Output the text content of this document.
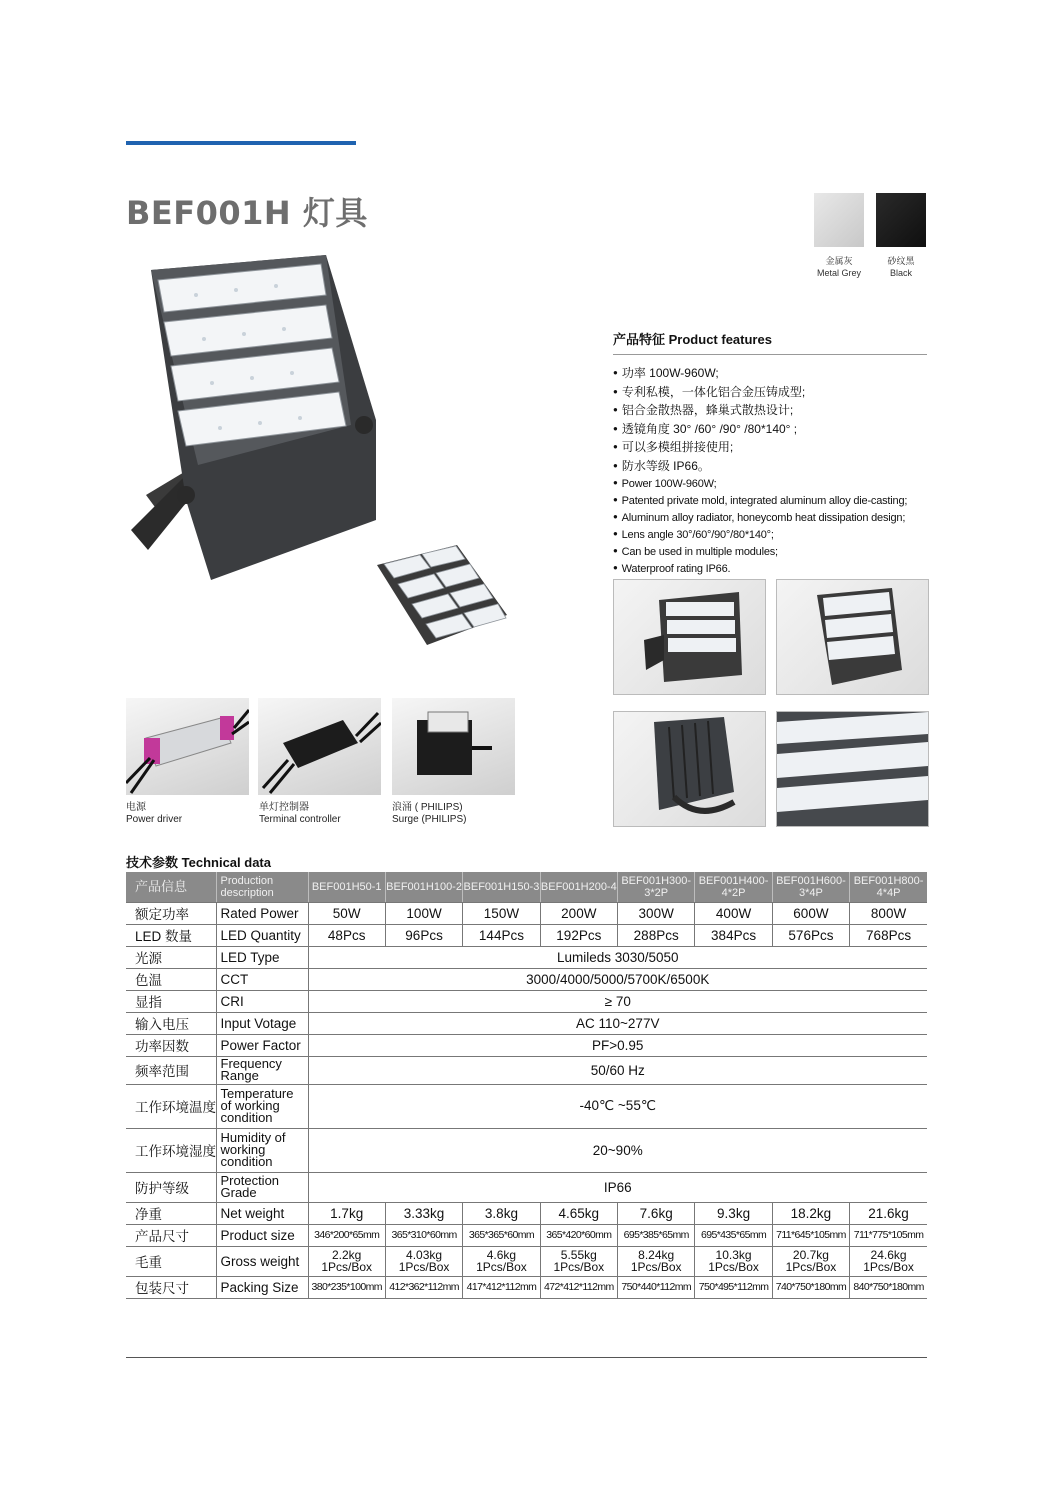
BEF001H 灯具
金属灰
Metal Grey
砂纹黑
Black
产品特征 Product features
● 功率 100W-960W;
● 专利私模，一体化铝合金压铸成型;
● 铝合金散热器，蜂巢式散热设计;
● 透镜角度 30° /60° /90° /80*140° ;
● 可以多模组拼接使用;
● 防水等级 IP66。
● Power 100W-960W;
● Patented private mold, integrated aluminum alloy die-casting;
● Aluminum alloy radiator, honeycomb heat dissipation design;
● Lens angle 30°/60°/90°/80*140°;
● Can be used in multiple modules;
● Waterproof rating IP66.
电源
Power driver
单灯控制器
Terminal controller
浪涌 ( PHILIPS)
Surge (PHILIPS)
技术参数 Technical data
产品信息	Production description	BEF001H50-1	BEF001H100-2	BEF001H150-3	BEF001H200-4	BEF001H300-3*2P	BEF001H400-4*2P	BEF001H600-3*4P	BEF001H800-4*4P
额定功率	Rated Power	50W	100W	150W	200W	300W	400W	600W	800W
LED 数量	LED Quantity	48Pcs	96Pcs	144Pcs	192Pcs	288Pcs	384Pcs	576Pcs	768Pcs
光源	LED Type	Lumileds 3030/5050							
色温	CCT	3000/4000/5000/5700K/6500K							
显指	CRI	≥ 70							
输入电压	Input Votage	AC 110~277V							
功率因数	Power Factor	PF>0.95							
频率范围	Frequency Range	50/60 Hz							
工作环境温度	Temperature of working condition	-40℃ ~55℃							
工作环境湿度	Humidity of working condition	20~90%							
防护等级	Protection Grade	IP66							
净重	Net weight	1.7kg	3.33kg	3.8kg	4.65kg	7.6kg	9.3kg	18.2kg	21.6kg
产品尺寸	Product size	346*200*65mm	365*310*60mm	365*365*60mm	365*420*60mm	695*385*65mm	695*435*65mm	711*645*105mm	711*775*105mm
毛重	Gross weight	2.2kg 1Pcs/Box	4.03kg 1Pcs/Box	4.6kg 1Pcs/Box	5.55kg 1Pcs/Box	8.24kg 1Pcs/Box	10.3kg 1Pcs/Box	20.7kg 1Pcs/Box	24.6kg 1Pcs/Box
包装尺寸	Packing Size	380*235*100mm	412*362*112mm	417*412*112mm	472*412*112mm	750*440*112mm	750*495*112mm	740*750*180mm	840*750*180mm
